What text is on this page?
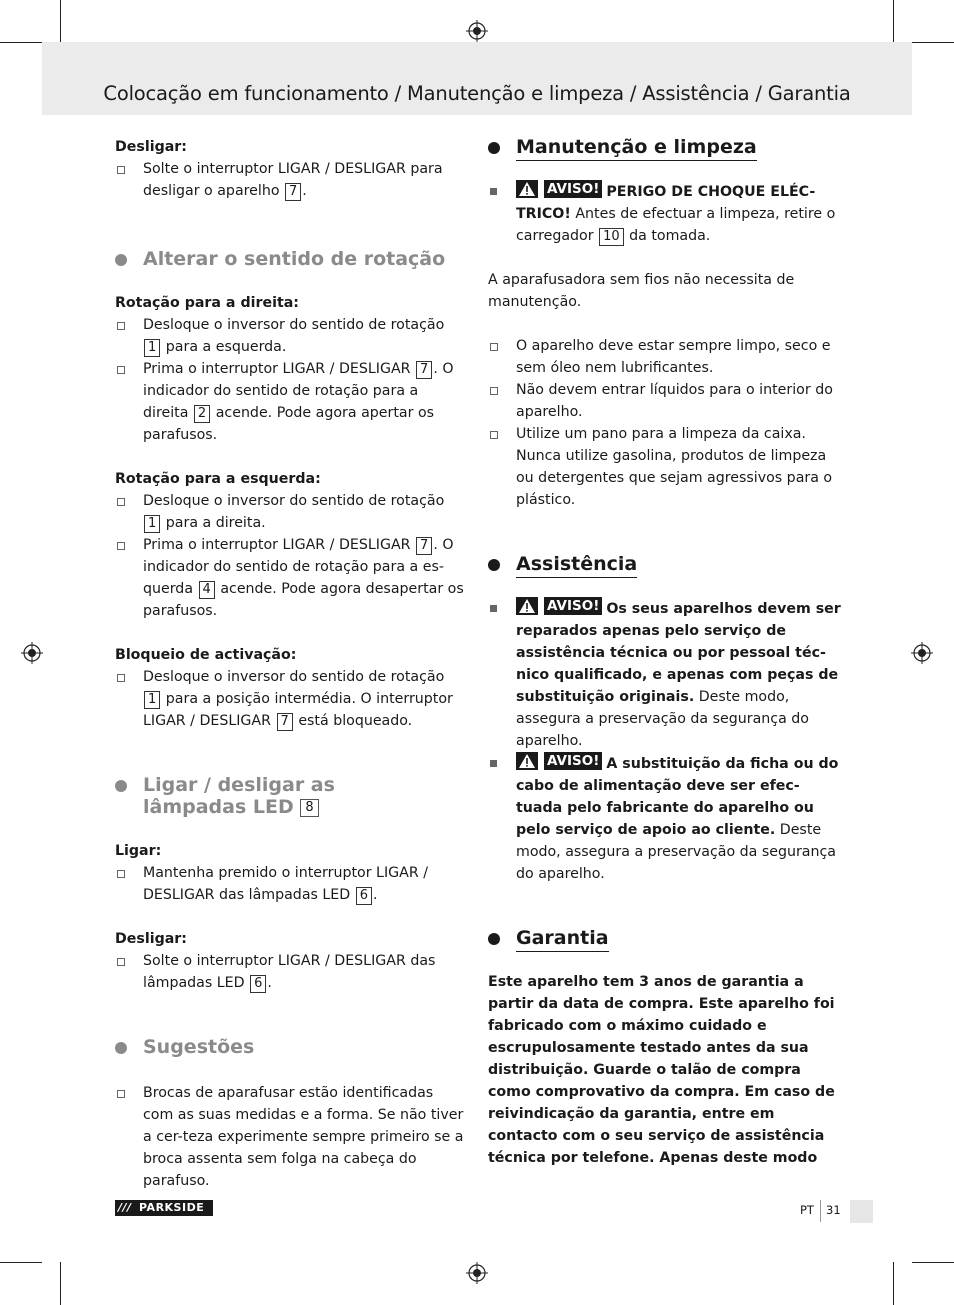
Colocação em funcionamento / Manutenção e limpeza / Assistência / Garantia

Desligar:

Solte o interruptor LIGAR / DESLIGAR para desligar o aparelho 7 .

Alterar o sentido de rotação

Rotação para a direita:

Desloque o inversor do sentido de rotação 1 para a esquerda.
Prima o interruptor LIGAR / DESLIGAR 7 . O indicador do sentido de rotação para a direita 2 acende. Pode agora apertar os parafusos.

Rotação para a esquerda:

Desloque o inversor do sentido de rotação 1 para a direita.
Prima o interruptor LIGAR / DESLIGAR 7 . O indicador do sentido de rotação para a es-querda 4 acende. Pode agora desapertar os parafusos.

Bloqueio de activação:

Desloque o inversor do sentido de rotação 1 para a posição intermédia. O interruptor LIGAR / DESLIGAR 7 está bloqueado.

Ligar / desligar as
lâmpadas LED 8

Ligar:

Mantenha premido o interruptor LIGAR / DESLIGAR das lâmpadas LED 6 .

Desligar:

Solte o interruptor LIGAR / DESLIGAR das lâmpadas LED 6 .

Sugestões

Brocas de aparafusar estão identificadas com as suas medidas e a forma. Se não tiver a cer-teza experimente sempre primeiro se a broca assenta sem folga na cabeça do parafuso.

Manutenção e limpeza

AVISO! PERIGO DE CHOQUE ELÉC-TRICO! Antes de efectuar a limpeza, retire o carregador 10 da tomada.

A aparafusadora sem fios não necessita de manutenção.

O aparelho deve estar sempre limpo, seco e sem óleo nem lubrificantes.
Não devem entrar líquidos para o interior do aparelho.
Utilize um pano para a limpeza da caixa. Nunca utilize gasolina, produtos de limpeza ou detergentes que sejam agressivos para o plástico.

Assistência

AVISO! Os seus aparelhos devem ser reparados apenas pelo serviço de assistência técnica ou por pessoal téc-nico qualificado, e apenas com peças de substituição originais. Deste modo, assegura a preservação da segurança do aparelho.
AVISO! A substituição da ficha ou do cabo de alimentação deve ser efec-tuada pelo fabricante do aparelho ou pelo serviço de apoio ao cliente. Deste modo, assegura a preservação da segurança do aparelho.

Garantia

Este aparelho tem 3 anos de garantia a partir da data de compra. Este aparelho foi fabricado com o máximo cuidado e escrupulosamente testado antes da sua distribuição. Guarde o talão de compra como comprovativo da compra. Em caso de reivindicação da garantia, entre em contacto com o seu serviço de assistência técnica por telefone. Apenas deste modo

/// PARKSIDE	PT 31
